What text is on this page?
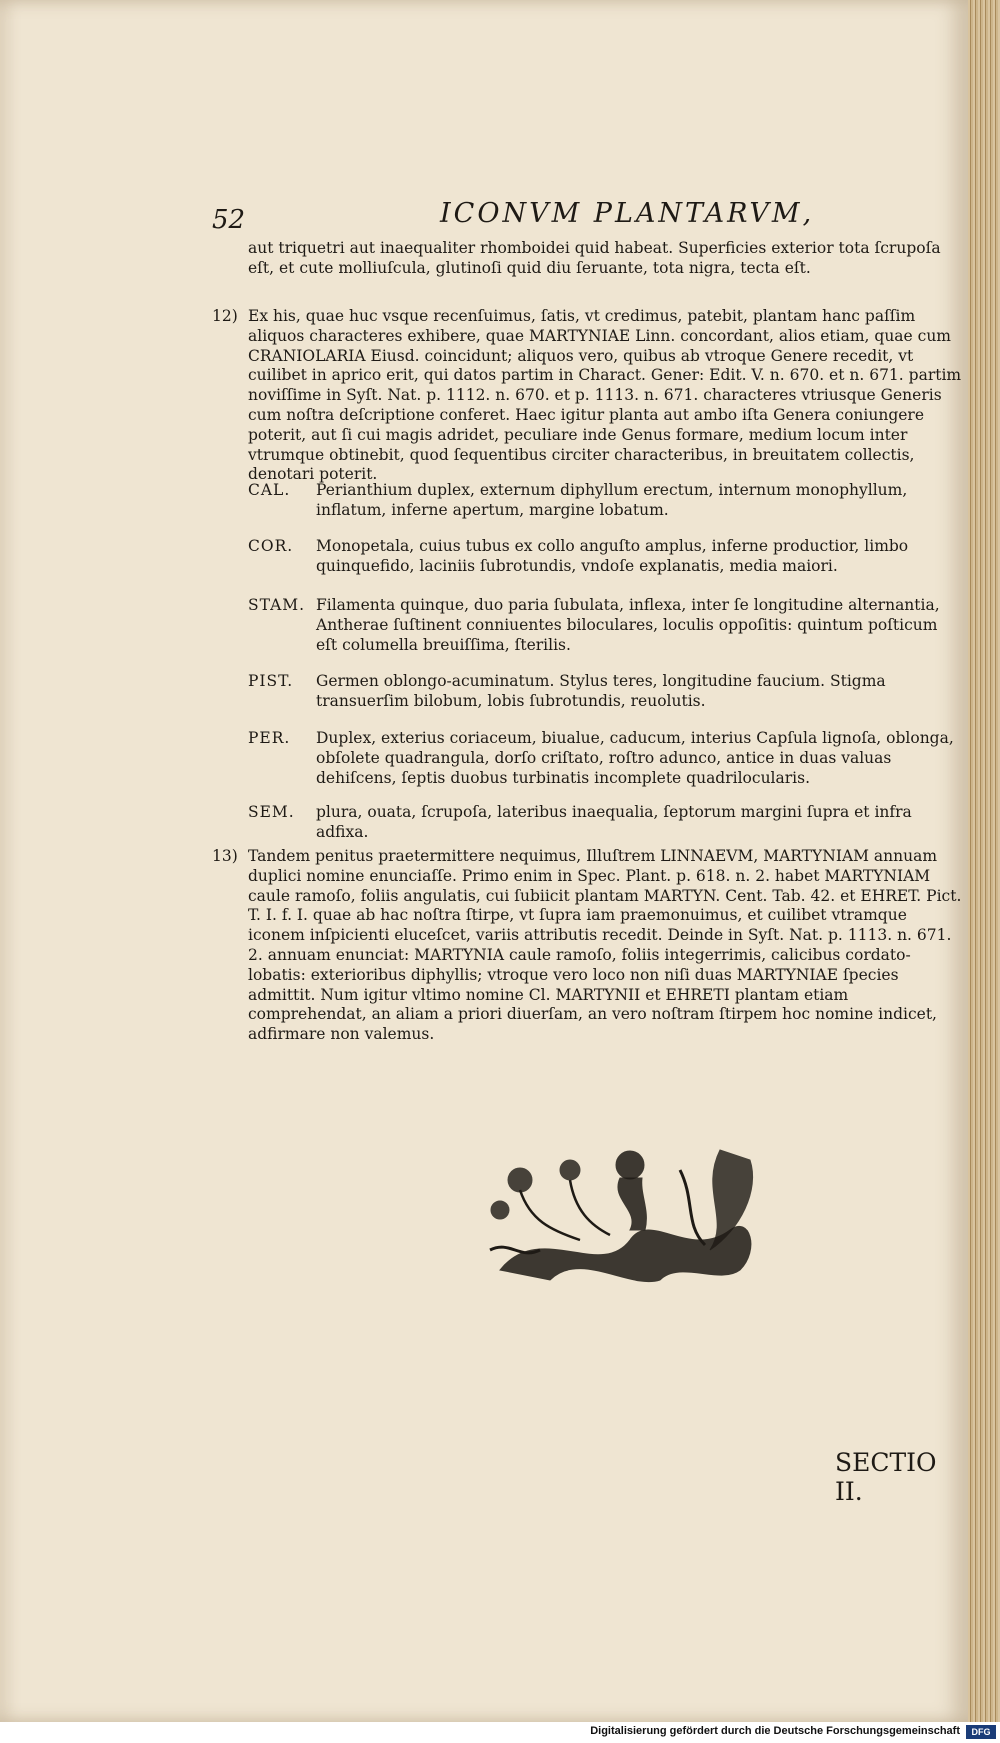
52	ICONVM PLANTARVM,
aut triquetri aut inaequaliter rhomboidei quid habeat. Superficies exterior tota ſcrupoſa eſt, et cute molliuſcula, glutinoſi quid diu ſeruante, tota nigra, tecta eſt.
12) Ex his, quae huc vsque recenſuimus, ſatis, vt credimus, patebit, plantam hanc paſſim aliquos characteres exhibere, quae MARTYNIAE Linn. concordant, alios etiam, quae cum CRANIOLARIA Eiusd. coincidunt; aliquos vero, quibus ab vtroque Genere recedit, vt cuilibet in aprico erit, qui datos partim in Charact. Gener: Edit. V. n. 670. et n. 671. partim noviſſime in Syſt. Nat. p. 1112. n. 670. et p. 1113. n. 671. characteres vtriusque Generis cum noſtra deſcriptione conferet. Haec igitur planta aut ambo iſta Genera coniungere poterit, aut ſi cui magis adridet, peculiare inde Genus formare, medium locum inter vtrumque obtinebit, quod ſequentibus circiter characteribus, in breuitatem collectis, denotari poterit.
CAL. Perianthium duplex, externum diphyllum erectum, internum monophyllum, inflatum, inferne apertum, margine lobatum.
COR. Monopetala, cuius tubus ex collo anguſto amplus, inferne productior, limbo quinquefido, laciniis ſubrotundis, vndoſe explanatis, media maiori.
STAM. Filamenta quinque, duo paria ſubulata, inflexa, inter ſe longitudine alternantia, Antherae ſuſtinent conniuentes biloculares, loculis oppoſitis: quintum poſticum eſt columella breuiſſima, ſterilis.
PIST. Germen oblongo-acuminatum. Stylus teres, longitudine faucium. Stigma transuerſim bilobum, lobis ſubrotundis, reuolutis.
PER. Duplex, exterius coriaceum, biualue, caducum, interius Capſula lignoſa, oblonga, obſolete quadrangula, dorſo criſtato, roſtro adunco, antice in duas valuas dehiſcens, ſeptis duobus turbinatis incomplete quadrilocularis.
SEM. plura, ouata, ſcrupoſa, lateribus inaequalia, ſeptorum margini ſupra et infra adfixa.
13) Tandem penitus praetermittere nequimus, Illuſtrem LINNAEVM, MARTYNIAM annuam duplici nomine enunciaſſe. Primo enim in Spec. Plant. p. 618. n. 2. habet MARTYNIAM caule ramoſo, foliis angulatis, cui ſubiicit plantam MARTYN. Cent. Tab. 42. et EHRET. Pict. T. I. f. I. quae ab hac noſtra ſtirpe, vt ſupra iam praemonuimus, et cuilibet vtramque iconem inſpicienti eluceſcet, variis attributis recedit. Deinde in Syſt. Nat. p. 1113. n. 671. 2. annuam enunciat: MARTYNIA caule ramoſo, foliis integerrimis, calicibus cordato-lobatis: exterioribus diphyllis; vtroque vero loco non niſi duas MARTYNIAE ſpecies admittit. Num igitur vltimo nomine Cl. MARTYNII et EHRETI plantam etiam comprehendat, an aliam a priori diuerſam, an vero noſtram ſtirpem hoc nomine indicet, adfirmare non valemus.
SECTIO II.
Digitalisierung gefördert durch die Deutsche Forschungsgemeinschaft	DFG
